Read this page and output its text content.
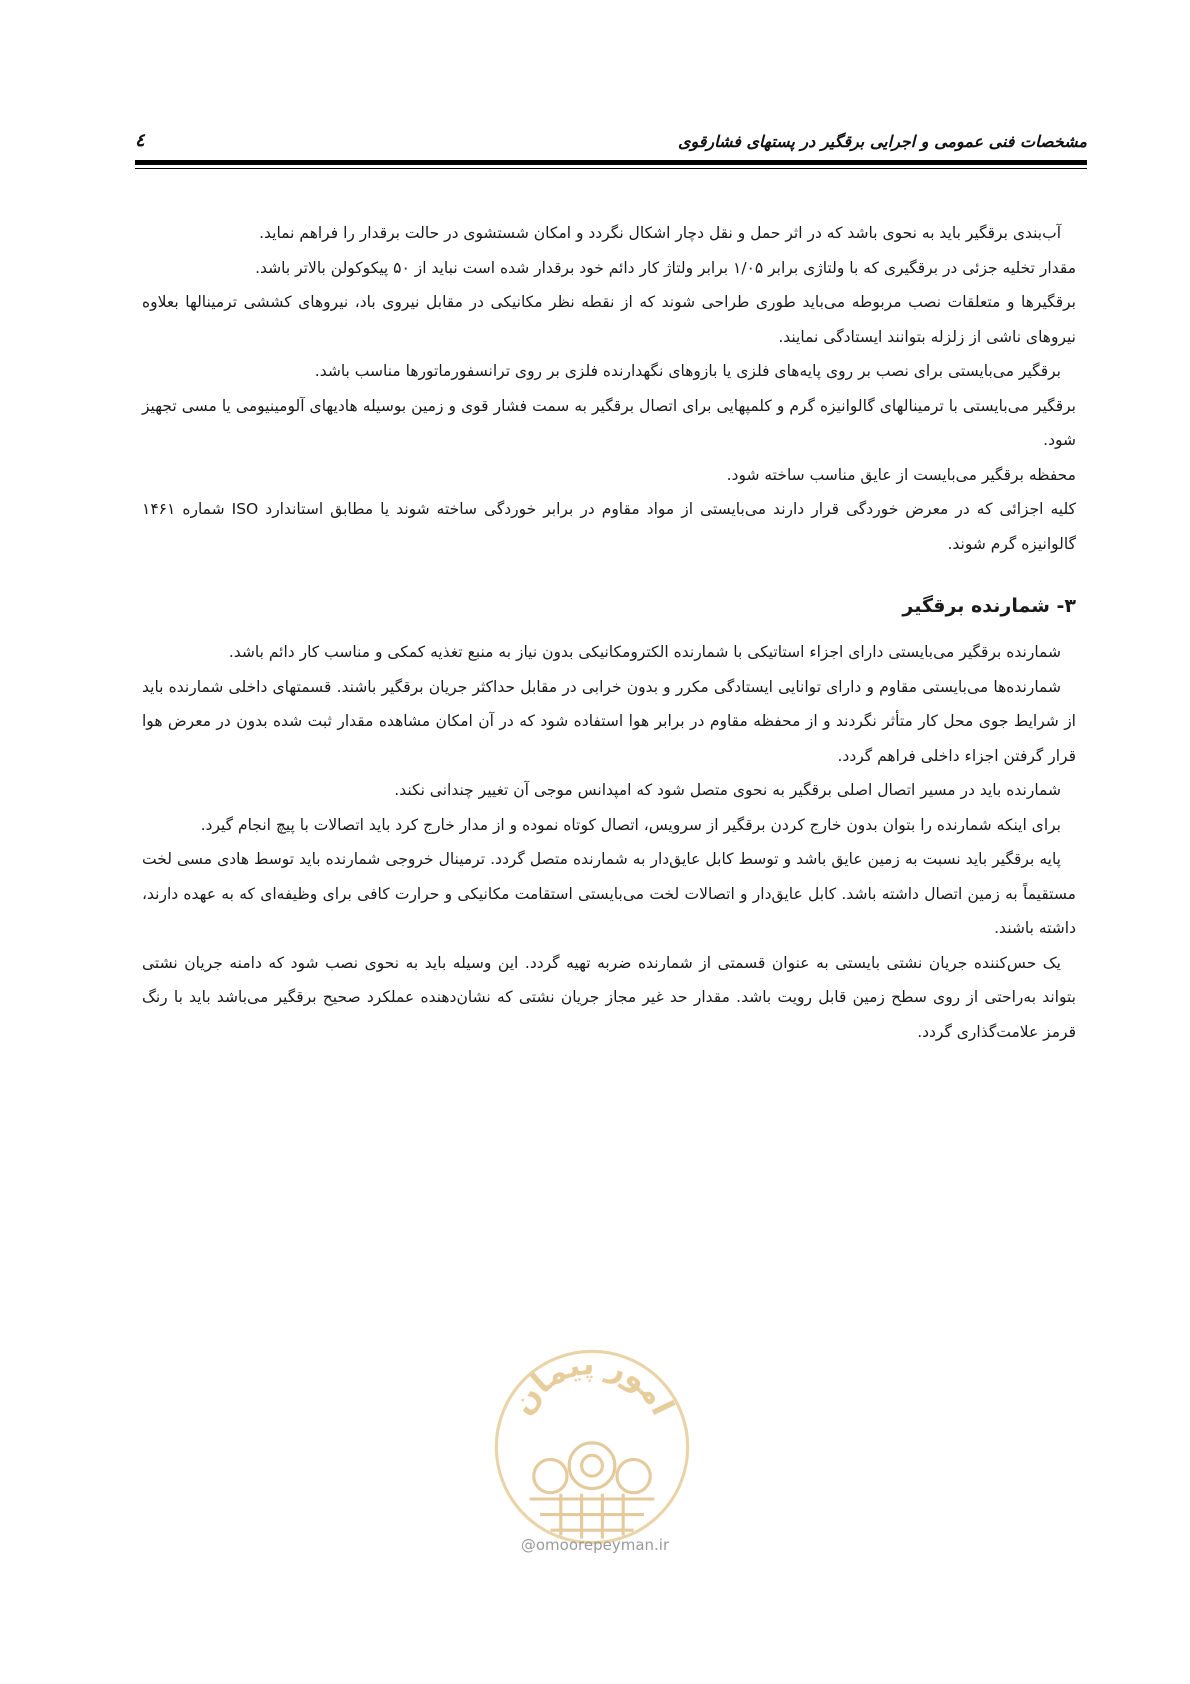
مشخصات فنی عمومی و اجرایی برقگیر در پستهای فشارقوی
٤

آب‌بندی برقگیر باید به نحوی باشد که در اثر حمل و نقل دچار اشکال نگردد و امکان شستشوی در حالت برقدار را فراهم نماید.

مقدار تخلیه جزئی در برقگیری که با ولتاژی برابر ۱/۰۵ برابر ولتاژ کار دائم خود برقدار شده است نباید از ۵۰ پیکوکولن بالاتر باشد.

برقگیرها و متعلقات نصب مربوطه می‌باید طوری طراحی شوند که از نقطه نظر مکانیکی در مقابل نیروی باد، نیروهای کششی ترمینالها بعلاوه نیروهای ناشی از زلزله بتوانند ایستادگی نمایند.

برقگیر می‌بایستی برای نصب بر روی پایه‌های فلزی یا بازوهای نگهدارنده فلزی بر روی ترانسفورماتورها مناسب باشد.

برقگیر می‌بایستی با ترمینالهای گالوانیزه گرم و کلمپهایی برای اتصال برقگیر به سمت فشار قوی و زمین بوسیله هادیهای آلومینیومی یا مسی تجهیز شود.

محفظه برقگیر می‌بایست از عایق مناسب ساخته شود.

کلیه اجزائی که در معرض خوردگی قرار دارند می‌بایستی از مواد مقاوم در برابر خوردگی ساخته شوند یا مطابق استاندارد ISO شماره ۱۴۶۱ گالوانیزه گرم شوند.

۳- شمارنده برقگیر

شمارنده برقگیر می‌بایستی دارای اجزاء استاتیکی با شمارنده الکترومکانیکی بدون نیاز به منبع تغذیه کمکی و مناسب کار دائم باشد.

شمارنده‌ها می‌بایستی مقاوم و دارای توانایی ایستادگی مکرر و بدون خرابی در مقابل حداکثر جریان برقگیر باشند. قسمتهای داخلی شمارنده باید از شرایط جوی محل کار متأثر نگردند و از محفظه مقاوم در برابر هوا استفاده شود که در آن امکان مشاهده مقدار ثبت شده بدون در معرض هوا قرار گرفتن اجزاء داخلی فراهم گردد.

شمارنده باید در مسیر اتصال اصلی برقگیر به نحوی متصل شود که امپدانس موجی آن تغییر چندانی نکند.

برای اینکه شمارنده را بتوان بدون خارج کردن برقگیر از سرویس، اتصال کوتاه نموده و از مدار خارج کرد باید اتصالات با پیچ انجام گیرد.

پایه برقگیر باید نسبت به زمین عایق باشد و توسط کابل عایق‌دار به شمارنده متصل گردد. ترمینال خروجی شمارنده باید توسط هادی مسی لخت مستقیماً به زمین اتصال داشته باشد. کابل عایق‌دار و اتصالات لخت می‌بایستی استقامت مکانیکی و حرارت کافی برای وظیفه‌ای که به عهده دارند، داشته باشند.

یک حس‌کننده جریان نشتی بایستی به عنوان قسمتی از شمارنده ضربه تهیه گردد. این وسیله باید به نحوی نصب شود که دامنه جریان نشتی بتواند به‌راحتی از روی سطح زمین قابل رویت باشد. مقدار حد غیر مجاز جریان نشتی که نشان‌دهنده عملکرد صحیح برقگیر می‌باشد باید با رنگ قرمز علامت‌گذاری گردد.

امور پیمان
@omoorepeyman.ir
